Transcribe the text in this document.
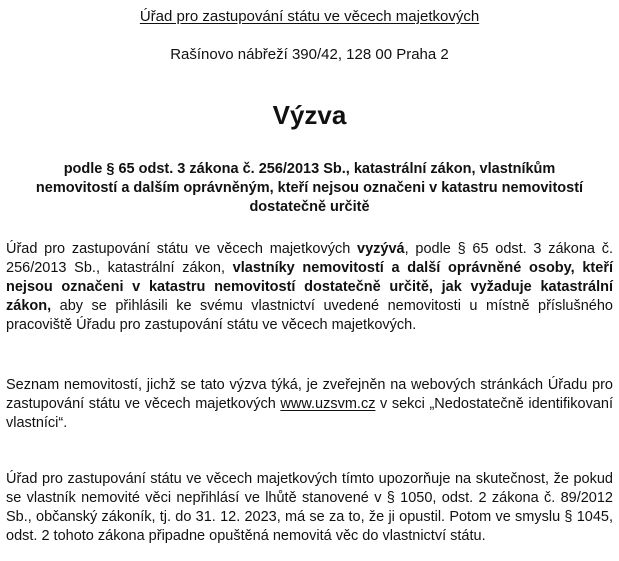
Úřad pro zastupování státu ve věcech majetkových
Rašínovo nábřeží 390/42, 128 00 Praha 2
Výzva
podle § 65 odst. 3 zákona č. 256/2013 Sb., katastrální zákon, vlastníkům nemovitostí a dalším oprávněným, kteří nejsou označeni v katastru nemovitostí dostatečně určitě
Úřad pro zastupování státu ve věcech majetkových vyzývá, podle § 65 odst. 3 zákona č. 256/2013 Sb., katastrální zákon, vlastníky nemovitostí a další oprávněné osoby, kteří nejsou označeni v katastru nemovitostí dostatečně určitě, jak vyžaduje katastrální zákon, aby se přihlásili ke svému vlastnictví uvedené nemovitosti u místně příslušného pracoviště Úřadu pro zastupování státu ve věcech majetkových.
Seznam nemovitostí, jichž se tato výzva týká, je zveřejněn na webových stránkách Úřadu pro zastupování státu ve věcech majetkových www.uzsvm.cz v sekci „Nedostatečně identifikovaní vlastníci“.
Úřad pro zastupování státu ve věcech majetkových tímto upozorňuje na skutečnost, že pokud se vlastník nemovité věci nepřihlásí ve lhůtě stanovené v § 1050, odst. 2 zákona č. 89/2012 Sb., občanský zákoník, tj. do 31. 12. 2023, má se za to, že ji opustil. Potom ve smyslu § 1045, odst. 2 tohoto zákona připadne opuštěná nemovitá věc do vlastnictví státu.
